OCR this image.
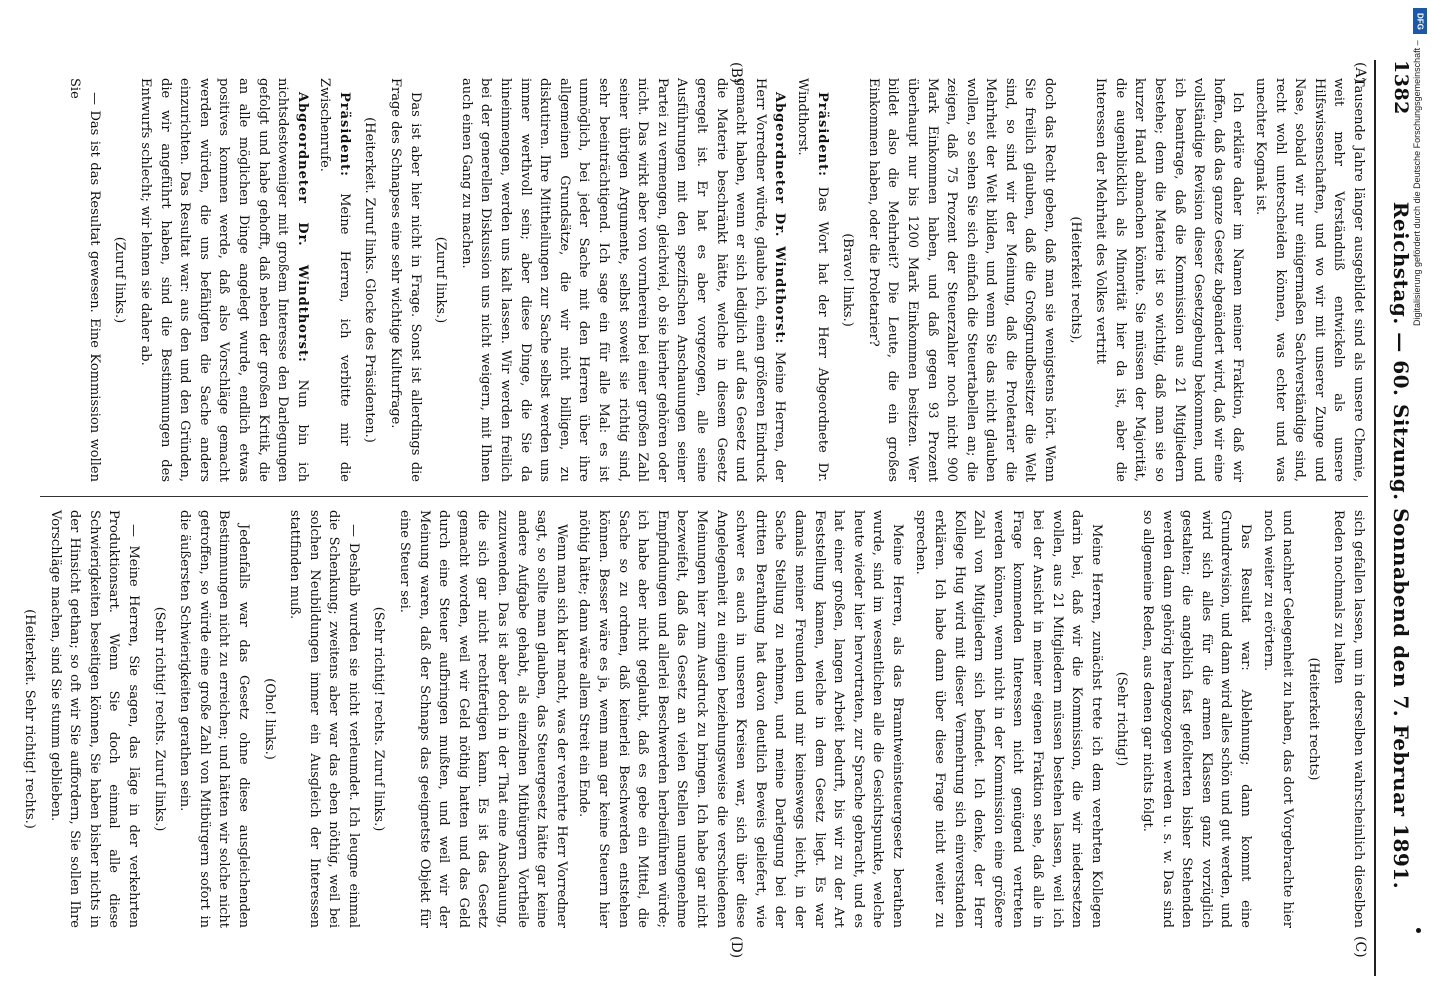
1382
Reichstag. — 60. Sitzung. Sonnabend den 7. Februar 1891.
(A)
(B)
(C)
(D)

Tausende Jahre länger ausgebildet sind als unsere Chemie, weit mehr Verständniß entwickeln als unsere Hilfswissenschaften, und wo wir mit unserer Zunge und Nase, sobald wir nur einigermaßen Sachverständige sind, recht wohl unterscheiden können, was echter und was unechter Kognak ist.

Ich erkläre daher im Namen meiner Fraktion, daß wir hoffen, daß das ganze Gesetz abgeändert wird, daß wir eine vollständige Revision dieser Gesetzgebung bekommen, und ich beantrage, daß die Kommission aus 21 Mitgliedern bestehe; denn die Materie ist so wichtig, daß man sie so kurzer Hand abmachen könnte. Sie müssen der Majorität, die augenblicklich als Minorität hier da ist, aber die Interessen der Mehrheit des Volkes vertritt

(Heiterkeit rechts),

doch das Recht geben, daß man sie wenigstens hört. Wenn Sie freilich glauben, daß die Großgrundbesitzer die Welt sind, so sind wir der Meinung, daß die Proletarier die Mehrheit der Welt bilden, und wenn Sie das nicht glauben wollen, so sehen Sie sich einfach die Steuertabellen an; die zeigen, daß 75 Prozent der Steuerzahler noch nicht 900 Mark Einkommen haben, und daß gegen 93 Prozent überhaupt nur bis 1200 Mark Einkommen besitzen. Wer bildet also die Mehrheit? Die Leute, die ein großes Einkommen haben, oder die Proletarier?

(Bravo! links.)

Präsident: Das Wort hat der Herr Abgeordnete Dr. Windthorst.

Abgeordneter Dr. Windthorst: Meine Herren, der Herr Vorredner würde, glaube ich, einen größeren Eindruck gemacht haben, wenn er sich lediglich auf das Gesetz und die Materie beschränkt hätte, welche in diesem Gesetz geregelt ist. Er hat es aber vorgezogen, alle seine Ausführungen mit den spezifischen Anschauungen seiner Partei zu vermengen, gleichviel, ob sie hierher gehören oder nicht. Das wirkt aber von vornherein bei einer großen Zahl seiner übrigen Argumente, selbst soweit sie richtig sind, sehr beeinträchtigend. Ich sage ein für alle Mal: es ist unmöglich, bei jeder Sache mit den Herren über ihre allgemeinen Grundsätze, die wir nicht billigen, zu diskutiren. Ihre Mittheilungen zur Sache selbst werden uns immer werthvoll sein; aber diese Dinge, die Sie da hineinmengen, werden uns kalt lassen. Wir werden freilich bei der generellen Diskussion uns nicht weigern, mit Ihnen auch einen Gang zu machen.

(Zuruf links.)

Das ist aber hier nicht in Frage. Sonst ist allerdings die Frage des Schnapses eine sehr wichtige Kulturfrage.

(Heiterkeit. Zuruf links. Glocke des Präsidenten.)

Präsident: Meine Herren, ich verbitte mir die Zwischenrufe.

Abgeordneter Dr. Windthorst: Nun bin ich nichtsdestoweniger mit großem Interesse den Darlegungen gefolgt und habe gehofft, daß neben der großen Kritik, die an alle möglichen Dinge angelegt wurde, endlich etwas positives kommen werde, daß also Vorschläge gemacht werden würden, die uns befähigten die Sache anders einzurichten. Das Resultat war: aus den und den Gründen, die wir angeführt haben, sind die Bestimmungen des Entwurfs schlecht; wir lehnen sie daher ab.

(Zuruf links.)

— Das ist das Resultat gewesen. Eine Kommission wollen Sie

sich gefallen lassen, um in derselben wahrscheinlich dieselben Reden nochmals zu halten

(Heiterkeit rechts)

und nachher Gelegenheit zu haben, das dort Vorgebrachte hier noch weiter zu erörtern.

Das Resultat war: Ablehnung; dann kommt eine Grundrevision, und dann wird alles schön und gut werden, und wird sich alles für die armen Klassen ganz vorzüglich gestalten; die angeblich fast gefolterten bisher Stehenden werden dann gehörig herangezogen werden u. s. w. Das sind so allgemeine Reden, aus denen gar nichts folgt.

(Sehr richtig!)

Meine Herren, zunächst trete ich dem verehrten Kollegen darin bei, daß wir die Kommission, die wir niedersetzen wollen, aus 21 Mitgliedern müssen bestehen lassen, weil ich bei der Ansicht in meiner eigenen Fraktion sehe, daß alle in Frage kommenden Interessen nicht genügend vertreten werden können, wenn nicht in der Kommission eine größere Zahl von Mitgliedern sich befindet. Ich denke, der Herr Kollege Hug wird mit dieser Vermehrung sich einverstanden erklären. Ich habe dann über diese Frage nicht weiter zu sprechen.

Meine Herren, als das Branntweinsteuergesetz berathen wurde, sind im wesentlichen alle die Gesichtspunkte, welche heute wieder hier hervortraten, zur Sprache gebracht, und es hat einer großen, langen Arbeit bedurft, bis wir zu der Art Feststellung kamen, welche in dem Gesetz liegt. Es war damals meiner Freunden und mir keineswegs leicht, in der Sache Stellung zu nehmen, und meine Darlegung bei der dritten Berathung hat davon deutlich Beweis geliefert, wie schwer es auch in unseren Kreisen war, sich über diese Angelegenheit zu einigen beziehungsweise die verschiedenen Meinungen hier zum Ausdruck zu bringen. Ich habe gar nicht bezweifelt, daß das Gesetz an vielen Stellen unangenehme Empfindungen und allerlei Beschwerden herbeiführen würde; ich habe aber nicht geglaubt, daß es gebe ein Mittel, die Sache so zu ordnen, daß keinerlei Beschwerden entstehen können. Besser wäre es ja, wenn man gar keine Steuern hier nöthig hätte; dann wäre allem Streit ein Ende.

Wenn man sich klar macht, was der verehrte Herr Vorredner sagt, so sollte man glauben, das Steuergesetz hätte gar keine andere Aufgabe gehabt, als einzelnen Mitbürgern Vortheile zuzuwenden. Das ist aber doch in der That eine Anschauung, die sich gar nicht rechtfertigen kann. Es ist das Gesetz gemacht worden, weil wir Geld nöthig hatten und das Geld durch eine Steuer aufbringen mußten, und weil wir der Meinung waren, daß der Schnaps das geeignetste Objekt für eine Steuer sei.

(Sehr richtig! rechts. Zuruf links.)

— Deshalb wurden sie nicht verleumdet. Ich leugne einmal die Schenkung; zweitens aber war das eben nöthig, weil bei solchen Neubildungen immer ein Ausgleich der Interessen stattfinden muß.

(Oho! links.)

Jedenfalls war das Gesetz ohne diese ausgleichenden Bestimmungen nicht zu erreichen; und hätten wir solche nicht getroffen, so würde eine große Zahl von Mitbürgern sofort in die äußersten Schwierigkeiten gerathen sein.

(Sehr richtig! rechts. Zuruf links.)

— Meine Herren, Sie sagen, das läge in der verkehrten Produktionsart. Wenn Sie doch einmal alle diese Schwierigkeiten beseitigen können, Sie haben bisher nichts in der Hinsicht gethan; so oft wir Sie auffordern, Sie sollen Ihre Vorschläge machen, sind Sie stumm geblieben.

(Heiterkeit. Sehr richtig! rechts.)

DFG
Digitalisierung gefördert durch die Deutsche Forschungsgemeinschaft –
